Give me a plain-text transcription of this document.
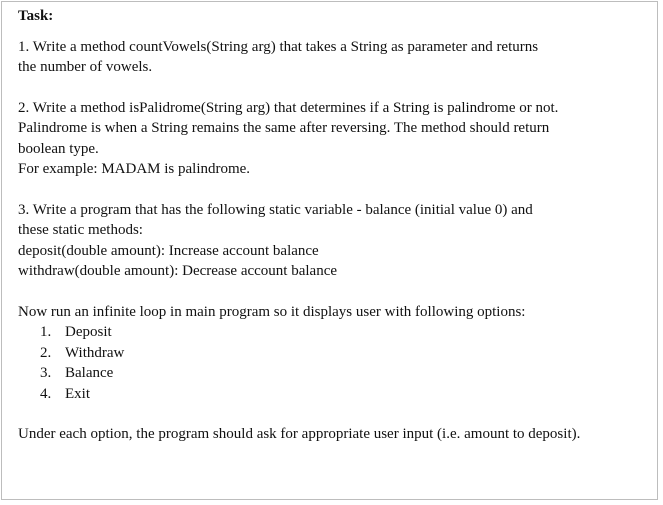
Task:
1. Write a method countVowels(String arg) that takes a String as parameter and returns
the number of vowels.
2. Write a method isPalidrome(String arg) that determines if a String is palindrome or not.
Palindrome is when a String remains the same after reversing. The method should return
boolean type.
For example: MADAM is palindrome.
3. Write a program that has the following static variable - balance (initial value 0) and
these static methods:
deposit(double amount): Increase account balance
withdraw(double amount): Decrease account balance
Now run an infinite loop in main program so it displays user with following options:
1. Deposit
2. Withdraw
3. Balance
4. Exit
Under each option, the program should ask for appropriate user input (i.e. amount to deposit).
